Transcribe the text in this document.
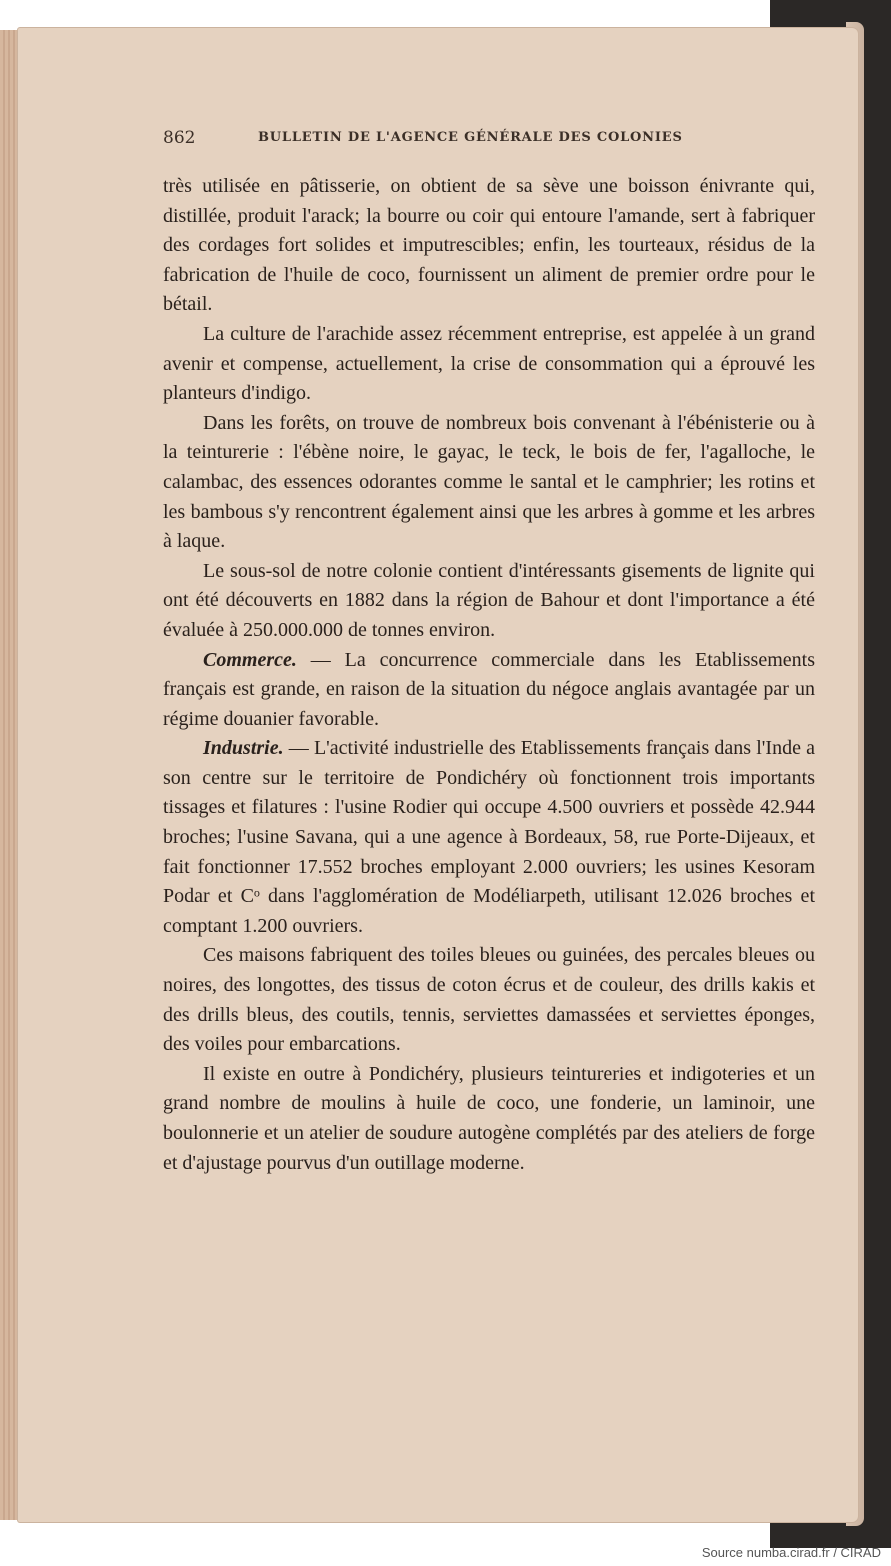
862	BULLETIN DE L'AGENCE GÉNÉRALE DES COLONIES

très utilisée en pâtisserie, on obtient de sa sève une boisson énivrante qui, distillée, produit l'arack; la bourre ou coir qui entoure l'amande, sert à fabriquer des cordages fort solides et imputrescibles; enfin, les tourteaux, résidus de la fabrication de l'huile de coco, fournissent un aliment de premier ordre pour le bétail.

La culture de l'arachide assez récemment entreprise, est appelée à un grand avenir et compense, actuellement, la crise de consommation qui a éprouvé les planteurs d'indigo.

Dans les forêts, on trouve de nombreux bois convenant à l'ébénisterie ou à la teinturerie : l'ébène noire, le gayac, le teck, le bois de fer, l'agalloche, le calambac, des essences odorantes comme le santal et le camphrier; les rotins et les bambous s'y rencontrent également ainsi que les arbres à gomme et les arbres à laque.

Le sous-sol de notre colonie contient d'intéressants gisements de lignite qui ont été découverts en 1882 dans la région de Bahour et dont l'importance a été évaluée à 250.000.000 de tonnes environ.

Commerce. — La concurrence commerciale dans les Etablissements français est grande, en raison de la situation du négoce anglais avantagée par un régime douanier favorable.

Industrie. — L'activité industrielle des Etablissements français dans l'Inde a son centre sur le territoire de Pondichéry où fonctionnent trois importants tissages et filatures : l'usine Rodier qui occupe 4.500 ouvriers et possède 42.944 broches; l'usine Savana, qui a une agence à Bordeaux, 58, rue Porte-Dijeaux, et fait fonctionner 17.552 broches employant 2.000 ouvriers; les usines Kesoram Podar et Cᵒ dans l'agglomération de Modéliarpeth, utilisant 12.026 broches et comptant 1.200 ouvriers.

Ces maisons fabriquent des toiles bleues ou guinées, des percales bleues ou noires, des longottes, des tissus de coton écrus et de couleur, des drills kakis et des drills bleus, des coutils, tennis, serviettes damassées et serviettes éponges, des voiles pour embarcations.

Il existe en outre à Pondichéry, plusieurs teintureries et indigoteries et un grand nombre de moulins à huile de coco, une fonderie, un laminoir, une boulonnerie et un atelier de soudure autogène complétés par des ateliers de forge et d'ajustage pourvus d'un outillage moderne.

Source numba.cirad.fr / CIRAD
